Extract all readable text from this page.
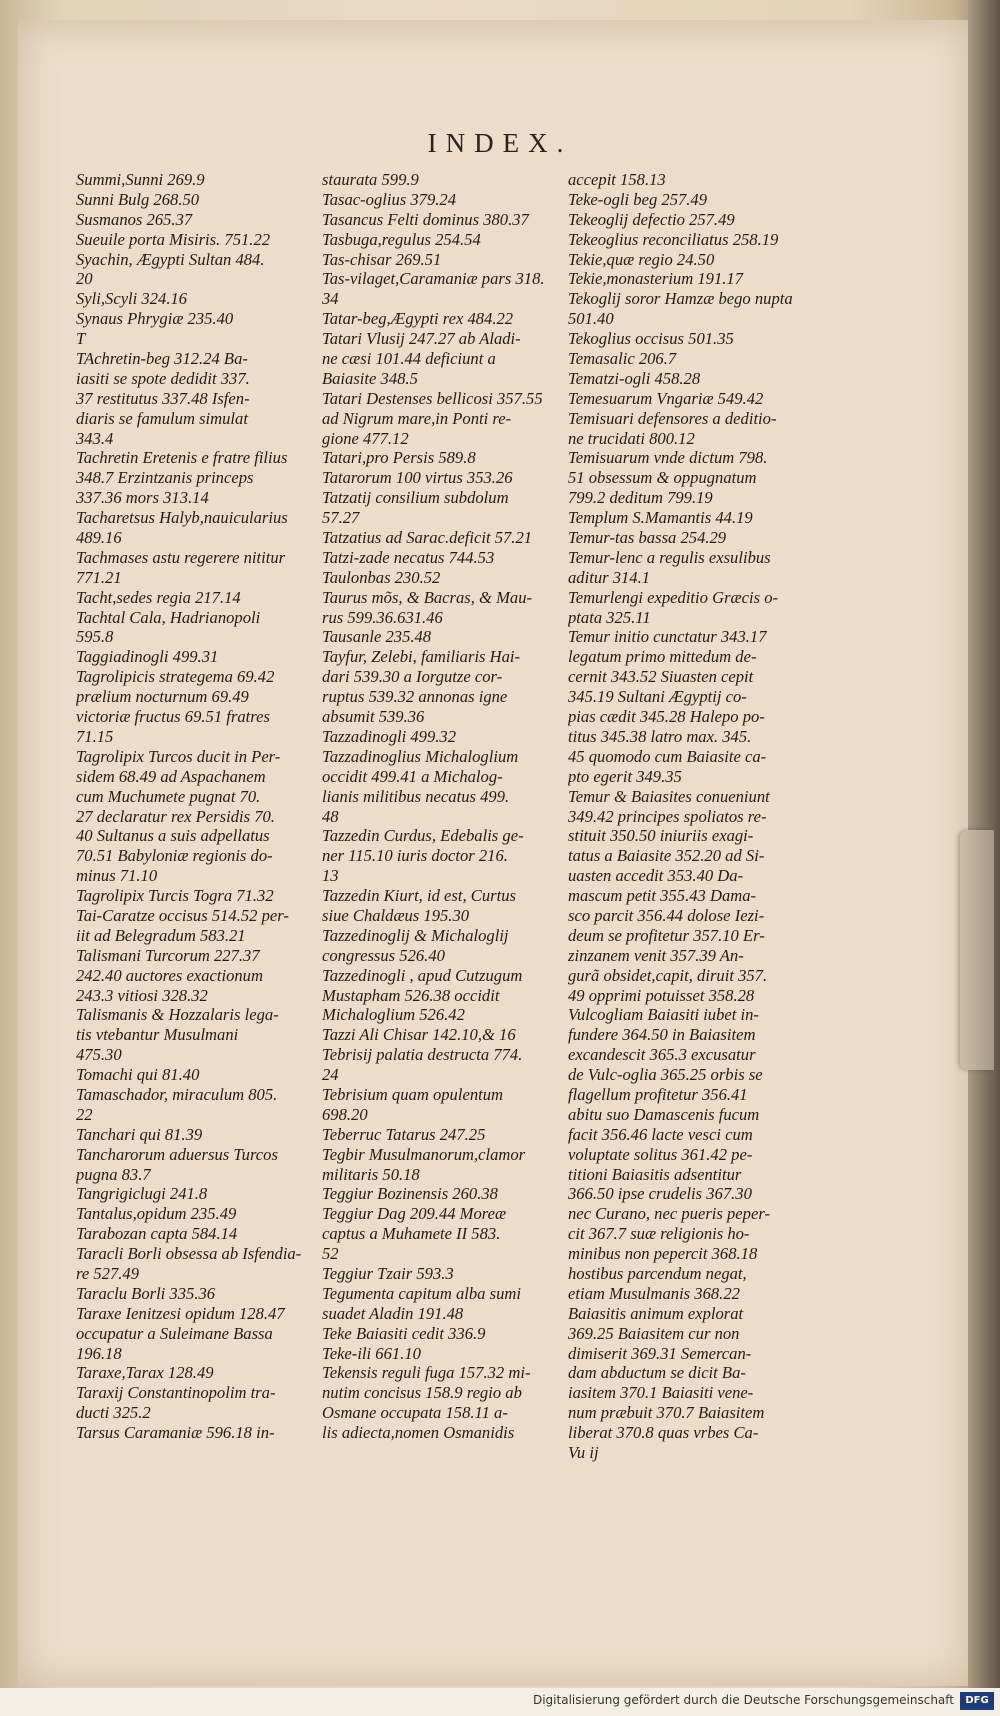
INDEX.
Summi,Sunni 269.9
Sunni Bulg 268.50
Susmanos 265.37
Sueuile porta Misiris. 751.22
Syachin, Ægypti Sultan 484.
20
Syli,Scyli 324.16
Synaus Phrygiæ 235.40
T
TAchretin-beg 312.24 Ba-
iasiti se spote dedidit 337.
37 restitutus 337.48 Isfen-
diaris se famulum simulat
343.4
Tachretin Eretenis e fratre filius
348.7 Erzintzanis princeps
337.36 mors 313.14
Tacharetsus Halyb,nauicularius
489.16
Tachmases astu regerere nititur
771.21
Tacht,sedes regia 217.14
Tachtal Cala, Hadrianopoli
595.8
Taggiadinogli 499.31
Tagrolipicis strategema 69.42
prælium nocturnum 69.49
victoriæ fructus 69.51 fratres
71.15
Tagrolipix Turcos ducit in Per-
sidem 68.49 ad Aspachanem
cum Muchumete pugnat 70.
27 declaratur rex Persidis 70.
40 Sultanus a suis adpellatus
70.51 Babyloniæ regionis do-
minus 71.10
Tagrolipix Turcis Togra 71.32
Tai-Caratze occisus 514.52 per-
iit ad Belegradum 583.21
Talismani Turcorum 227.37
242.40 auctores exactionum
243.3 vitiosi 328.32
Talismanis & Hozzalaris lega-
tis vtebantur Musulmani
475.30
Tomachi qui 81.40
Tamaschador, miraculum 805.
22
Tanchari qui 81.39
Tancharorum aduersus Turcos
pugna 83.7
Tangrigiclugi 241.8
Tantalus,opidum 235.49
Tarabozan capta 584.14
Taracli Borli obsessa ab Isfendia-
re 527.49
Taraclu Borli 335.36
Taraxe Ienitzesi opidum 128.47
occupatur a Suleimane Bassa
196.18
Taraxe,Tarax 128.49
Taraxij Constantinopolim tra-
ducti 325.2
Tarsus Caramaniæ 596.18 in-
staurata 599.9
Tasac-oglius 379.24
Tasancus Felti dominus 380.37
Tasbuga,regulus 254.54
Tas-chisar 269.51
Tas-vilaget,Caramaniæ pars 318.
34
Tatar-beg,Ægypti rex 484.22
Tatari Vlusij 247.27 ab Aladi-
ne cæsi 101.44 deficiunt a
Baiasite 348.5
Tatari Destenses bellicosi 357.55
ad Nigrum mare,in Ponti re-
gione 477.12
Tatari,pro Persis 589.8
Tatarorum 100 virtus 353.26
Tatzatij consilium subdolum
57.27
Tatzatius ad Sarac.deficit 57.21
Tatzi-zade necatus 744.53
Taulonbas 230.52
Taurus mõs, & Bacras, & Mau-
rus 599.36.631.46
Tausanle 235.48
Tayfur, Zelebi, familiaris Hai-
dari 539.30 a Iorgutze cor-
ruptus 539.32 annonas igne
absumit 539.36
Tazzadinogli 499.32
Tazzadinoglius Michaloglium
occidit 499.41 a Michalog-
lianis militibus necatus 499.
48
Tazzedin Curdus, Edebalis ge-
ner 115.10 iuris doctor 216.
13
Tazzedin Kiurt, id est, Curtus
siue Chaldæus 195.30
Tazzedinoglij & Michaloglij
congressus 526.40
Tazzedinogli , apud Cutzugum
Mustapham 526.38 occidit
Michaloglium 526.42
Tazzi Ali Chisar 142.10,& 16
Tebrisij palatia destructa 774.
24
Tebrisium quam opulentum
698.20
Teberruc Tatarus 247.25
Tegbir Musulmanorum,clamor
militaris 50.18
Teggiur Bozinensis 260.38
Teggiur Dag 209.44 Moreæ
captus a Muhamete II 583.
52
Teggiur Tzair 593.3
Tegumenta capitum alba sumi
suadet Aladin 191.48
Teke Baiasiti cedit 336.9
Teke-ili 661.10
Tekensis reguli fuga 157.32 mi-
nutim concisus 158.9 regio ab
Osmane occupata 158.11 a-
lis adiecta,nomen Osmanidis
accepit 158.13
Teke-ogli beg 257.49
Tekeoglij defectio 257.49
Tekeoglius reconciliatus 258.19
Tekie,quæ regio 24.50
Tekie,monasterium 191.17
Tekoglij soror Hamzæ bego nupta
501.40
Tekoglius occisus 501.35
Temasalic 206.7
Tematzi-ogli 458.28
Temesuarum Vngariæ 549.42
Temisuari defensores a deditio-
ne trucidati 800.12
Temisuarum vnde dictum 798.
51 obsessum & oppugnatum
799.2 deditum 799.19
Templum S.Mamantis 44.19
Temur-tas bassa 254.29
Temur-lenc a regulis exsulibus
aditur 314.1
Temurlengi expeditio Græcis o-
ptata 325.11
Temur initio cunctatur 343.17
legatum primo mittedum de-
cernit 343.52 Siuasten cepit
345.19 Sultani Ægyptij co-
pias cædit 345.28 Halepo po-
titus 345.38 latro max. 345.
45 quomodo cum Baiasite ca-
pto egerit 349.35
Temur & Baiasites conueniunt
349.42 principes spoliatos re-
stituit 350.50 iniuriis exagi-
tatus a Baiasite 352.20 ad Si-
uasten accedit 353.40 Da-
mascum petit 355.43 Dama-
sco parcit 356.44 dolose Iezi-
deum se profitetur 357.10 Er-
zinzanem venit 357.39 An-
gurã obsidet,capit, diruit 357.
49 opprimi potuisset 358.28
Vulcogliam Baiasiti iubet in-
fundere 364.50 in Baiasitem
excandescit 365.3 excusatur
de Vulc-oglia 365.25 orbis se
flagellum profitetur 356.41
abitu suo Damascenis fucum
facit 356.46 lacte vesci cum
voluptate solitus 361.42 pe-
titioni Baiasitis adsentitur
366.50 ipse crudelis 367.30
nec Curano, nec pueris peper-
cit 367.7 suæ religionis ho-
minibus non pepercit 368.18
hostibus parcendum negat,
etiam Musulmanis 368.22
Baiasitis animum explorat
369.25 Baiasitem cur non
dimiserit 369.31 Semercan-
dam abductum se dicit Ba-
iasitem 370.1 Baiasiti vene-
num præbuit 370.7 Baiasitem
liberat 370.8 quas vrbes Ca-
Vu ij
Digitalisierung gefördert durch die Deutsche Forschungsgemeinschaft	DFG
